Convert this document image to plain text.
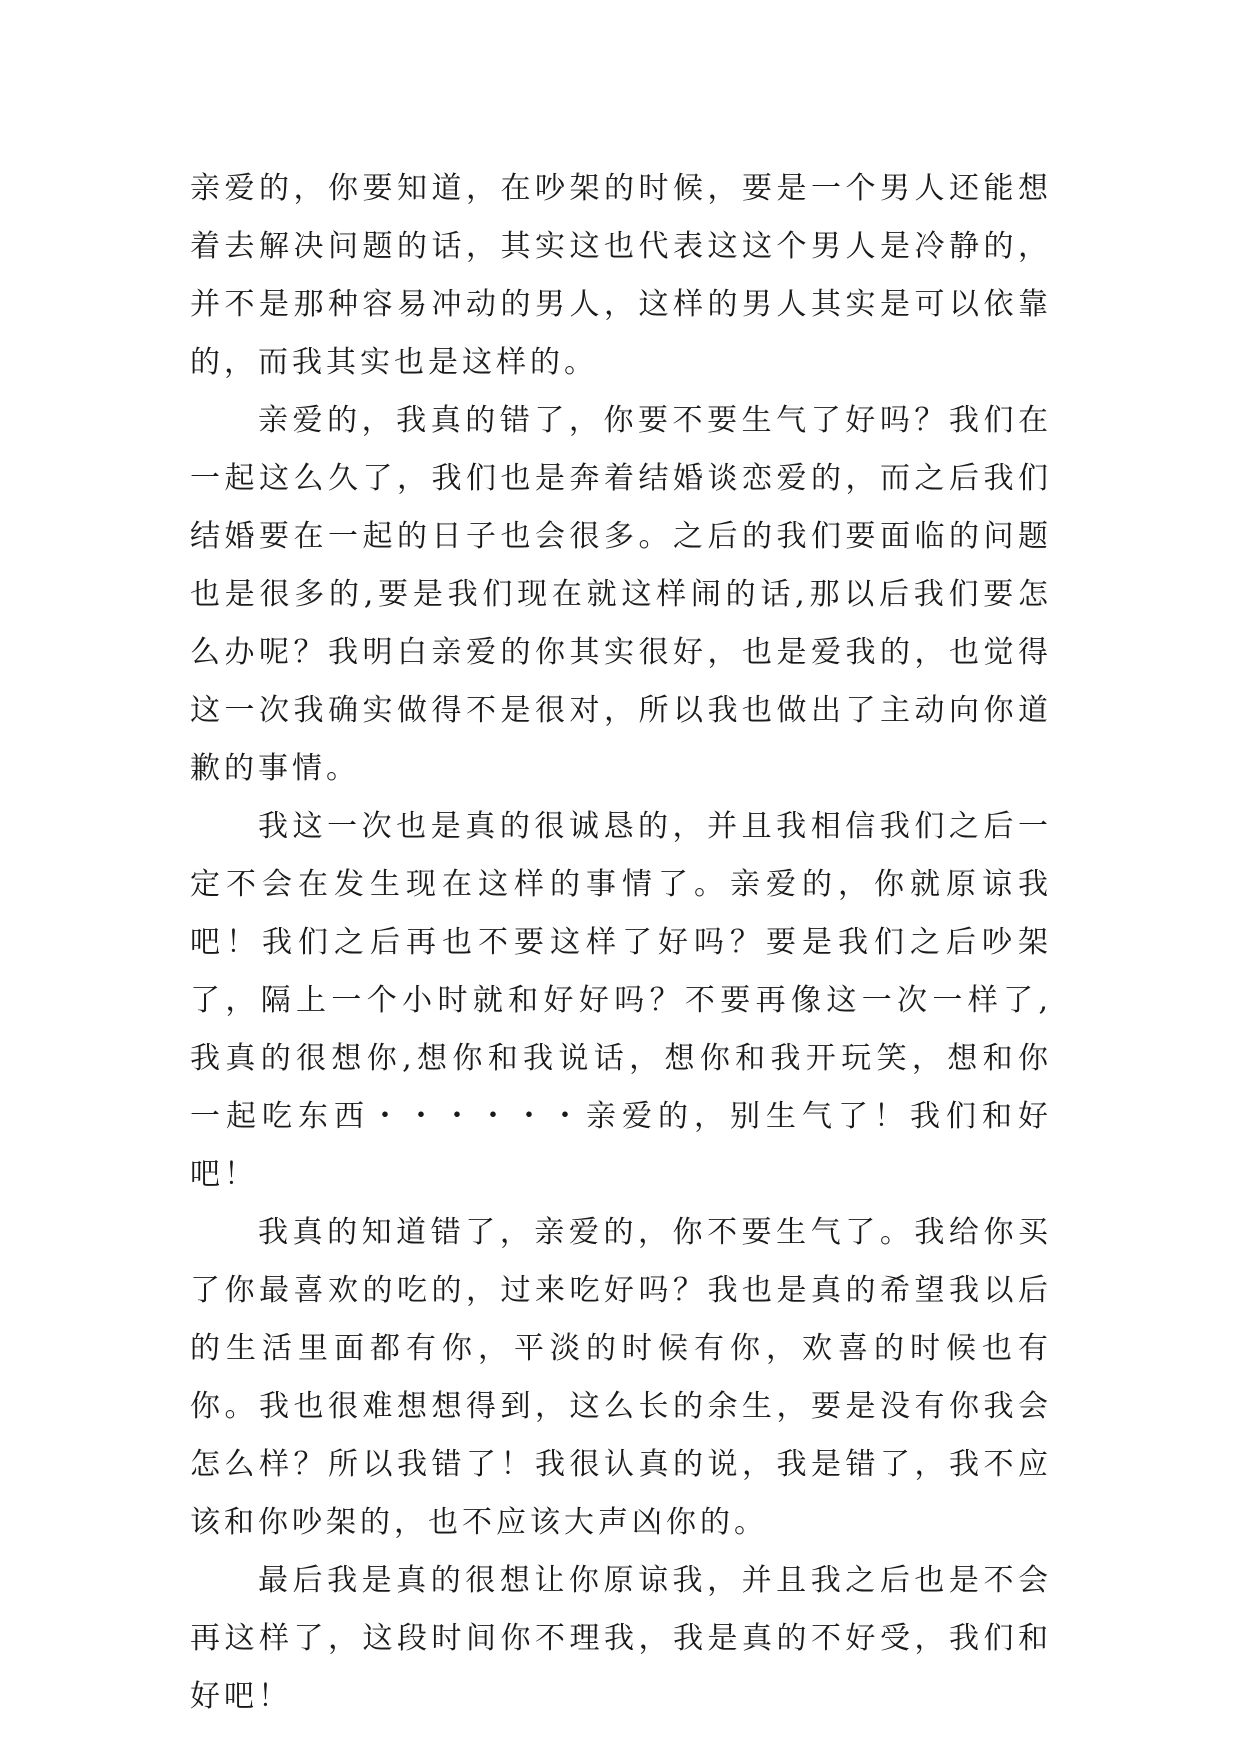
亲爱的，你要知道，在吵架的时候，要是一个男人还能想着去解决问题的话，其实这也代表这这个男人是冷静的，并不是那种容易冲动的男人，这样的男人其实是可以依靠的，而我其实也是这样的。

亲爱的，我真的错了，你要不要生气了好吗？我们在一起这么久了，我们也是奔着结婚谈恋爱的，而之后我们结婚要在一起的日子也会很多。之后的我们要面临的问题也是很多的,要是我们现在就这样闹的话,那以后我们要怎么办呢？我明白亲爱的你其实很好，也是爱我的，也觉得这一次我确实做得不是很对，所以我也做出了主动向你道歉的事情。

我这一次也是真的很诚恳的，并且我相信我们之后一定不会在发生现在这样的事情了。亲爱的，你就原谅我吧！我们之后再也不要这样了好吗？要是我们之后吵架了，隔上一个小时就和好好吗？不要再像这一次一样了,我真的很想你,想你和我说话，想你和我开玩笑，想和你一起吃东西・・・・・・亲爱的，别生气了！我们和好吧！

我真的知道错了，亲爱的，你不要生气了。我给你买了你最喜欢的吃的，过来吃好吗？我也是真的希望我以后的生活里面都有你，平淡的时候有你，欢喜的时候也有你。我也很难想想得到，这么长的余生，要是没有你我会怎么样？所以我错了！我很认真的说，我是错了，我不应该和你吵架的，也不应该大声凶你的。

最后我是真的很想让你原谅我，并且我之后也是不会再这样了，这段时间你不理我，我是真的不好受，我们和好吧！
